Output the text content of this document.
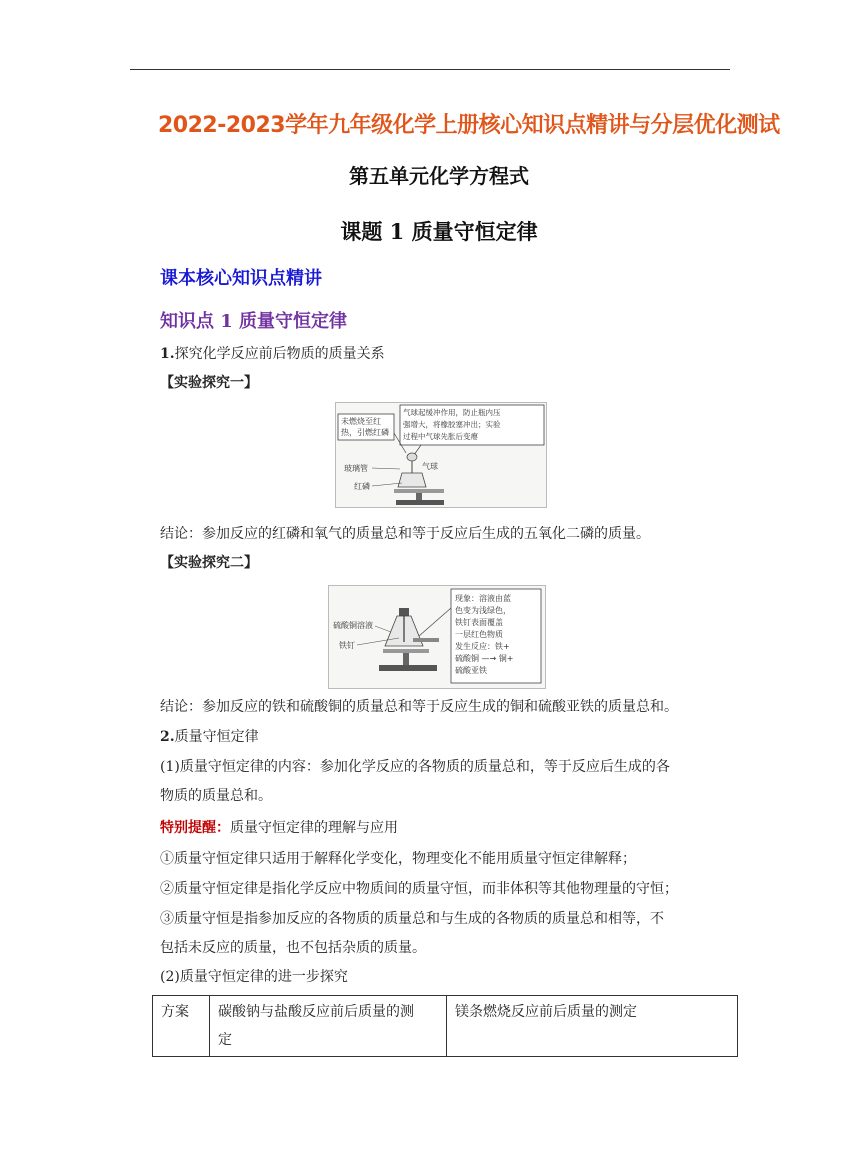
2022-2023学年九年级化学上册核心知识点精讲与分层优化测试
第五单元化学方程式
课题 1 质量守恒定律
课本核心知识点精讲
知识点 1 质量守恒定律
1.探究化学反应前后物质的质量关系
【实验探究一】
未燃烧至红
热，引燃红磷
气球起缓冲作用，防止瓶内压
强增大，将橡胶塞冲出；实验
过程中气球先胀后变瘪
玻璃管	气球
红磷
结论：参加反应的红磷和氧气的质量总和等于反应后生成的五氧化二磷的质量。
【实验探究二】
现象：溶液由蓝
色变为浅绿色，
铁钉表面覆盖
一层红色物质
发生反应：铁+
硫酸铜 —→ 铜+
硫酸亚铁
硫酸铜溶液
铁钉
结论：参加反应的铁和硫酸铜的质量总和等于反应生成的铜和硫酸亚铁的质量总和。
2.质量守恒定律
(1)质量守恒定律的内容：参加化学反应的各物质的质量总和，等于反应后生成的各
物质的质量总和。
特别提醒：质量守恒定律的理解与应用
①质量守恒定律只适用于解释化学变化，物理变化不能用质量守恒定律解释；
②质量守恒定律是指化学反应中物质间的质量守恒，而非体积等其他物理量的守恒；
③质量守恒是指参加反应的各物质的质量总和与生成的各物质的质量总和相等，不
包括未反应的质量，也不包括杂质的质量。
(2)质量守恒定律的进一步探究
方案	碳酸钠与盐酸反应前后质量的测
定
	镁条燃烧反应前后质量的测定
